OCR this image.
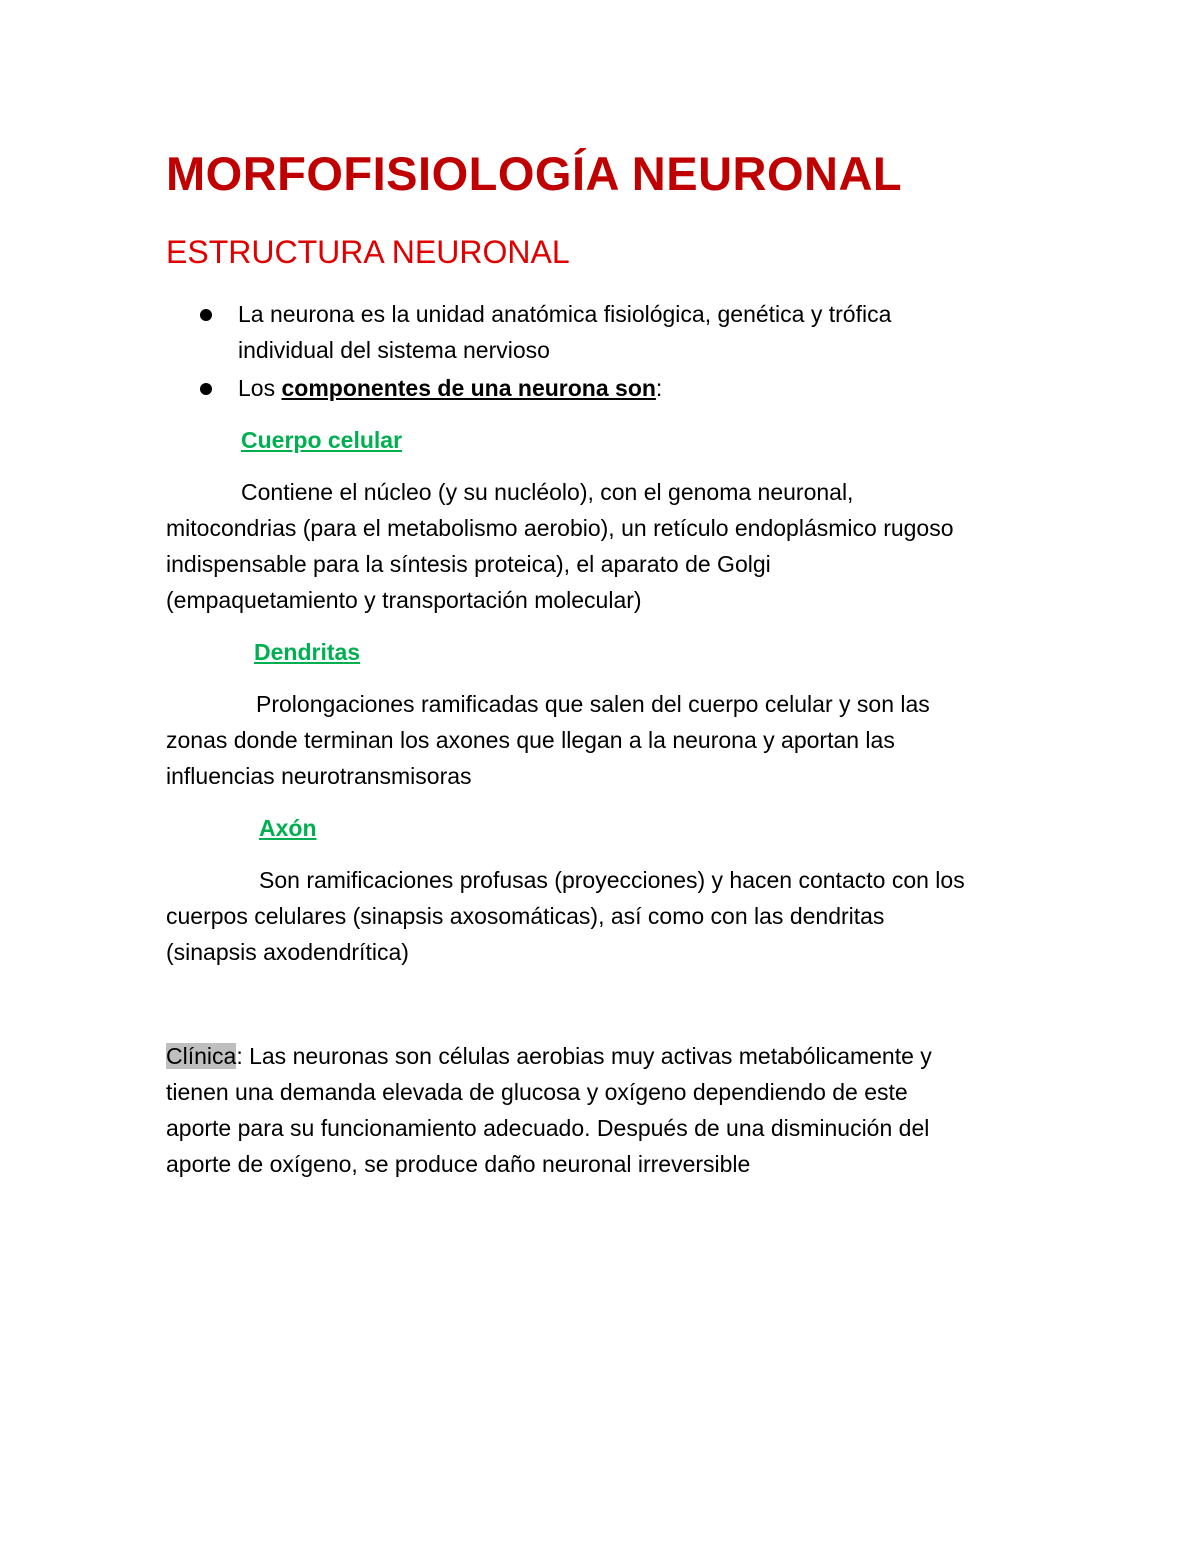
MORFOFISIOLOGÍA NEURONAL
ESTRUCTURA NEURONAL
La neurona es la unidad anatómica fisiológica, genética y trófica
individual del sistema nervioso
Los componentes de una neurona son:
Cuerpo celular
Contiene el núcleo (y su nucléolo), con el genoma neuronal,
mitocondrias (para el metabolismo aerobio), un retículo endoplásmico rugoso
indispensable para la síntesis proteica), el aparato de Golgi
(empaquetamiento y transportación molecular)
Dendritas
Prolongaciones ramificadas que salen del cuerpo celular y son las
zonas donde terminan los axones que llegan a la neurona y aportan las
influencias neurotransmisoras
Axón
Son ramificaciones profusas (proyecciones) y hacen contacto con los
cuerpos celulares (sinapsis axosomáticas), así como con las dendritas
(sinapsis axodendrítica)
Clínica: Las neuronas son células aerobias muy activas metabólicamente y
tienen una demanda elevada de glucosa y oxígeno dependiendo de este
aporte para su funcionamiento adecuado. Después de una disminución del
aporte de oxígeno, se produce daño neuronal irreversible
